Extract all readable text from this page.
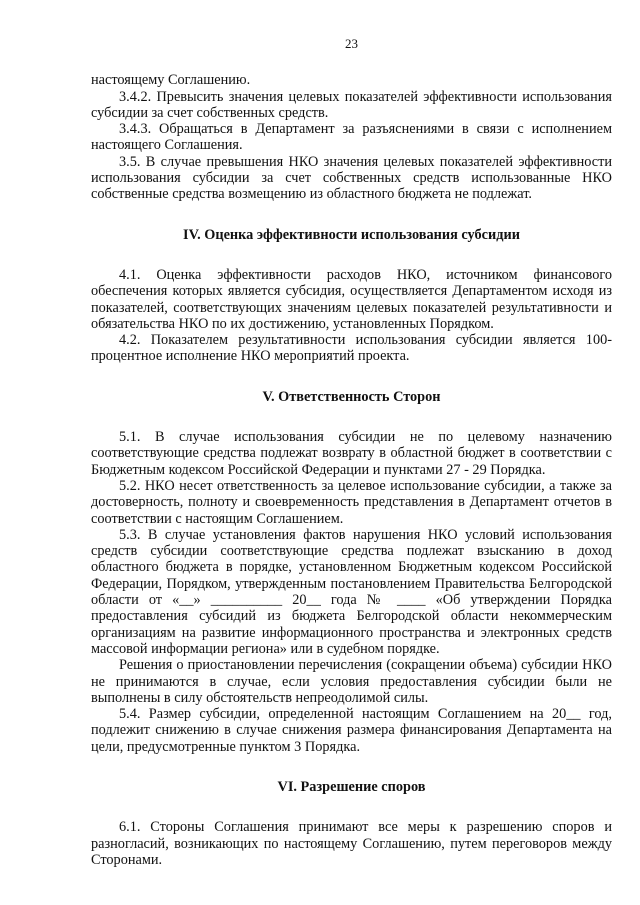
23

настоящему Соглашению.

3.4.2. Превысить значения целевых показателей эффективности использования субсидии за счет собственных средств.

3.4.3. Обращаться в Департамент за разъяснениями в связи с исполнением настоящего Соглашения.

3.5. В случае превышения НКО значения целевых показателей эффективности использования субсидии за счет собственных средств использованные НКО собственные средства возмещению из областного бюджета не подлежат.

IV. Оценка эффективности использования субсидии

4.1. Оценка эффективности расходов НКО, источником финансового обеспечения которых является субсидия, осуществляется Департаментом исходя из показателей, соответствующих значениям целевых показателей результативности и обязательства НКО по их достижению, установленных Порядком.

4.2. Показателем результативности использования субсидии является 100-процентное исполнение НКО мероприятий проекта.

V. Ответственность Сторон

5.1. В случае использования субсидии не по целевому назначению соответствующие средства подлежат возврату в областной бюджет в соответствии с Бюджетным кодексом Российской Федерации и пунктами 27 - 29 Порядка.

5.2. НКО несет ответственность за целевое использование субсидии, а также за достоверность, полноту и своевременность представления в Департамент отчетов в соответствии с настоящим Соглашением.

5.3. В случае установления фактов нарушения НКО условий использования средств субсидии соответствующие средства подлежат взысканию в доход областного бюджета в порядке, установленном Бюджетным кодексом Российской Федерации, Порядком, утвержденным постановлением Правительства Белгородской области от «__» __________ 20__ года № ____ «Об утверждении Порядка предоставления субсидий из бюджета Белгородской области некоммерческим организациям на развитие информационного пространства и электронных средств массовой информации региона» или в судебном порядке.

Решения о приостановлении перечисления (сокращении объема) субсидии НКО не принимаются в случае, если условия предоставления субсидии были не выполнены в силу обстоятельств непреодолимой силы.

5.4. Размер субсидии, определенной настоящим Соглашением на 20__ год, подлежит снижению в случае снижения размера финансирования Департамента на цели, предусмотренные пунктом 3 Порядка.

VI. Разрешение споров

6.1. Стороны Соглашения принимают все меры к разрешению споров и разногласий, возникающих по настоящему Соглашению, путем переговоров между Сторонами.
